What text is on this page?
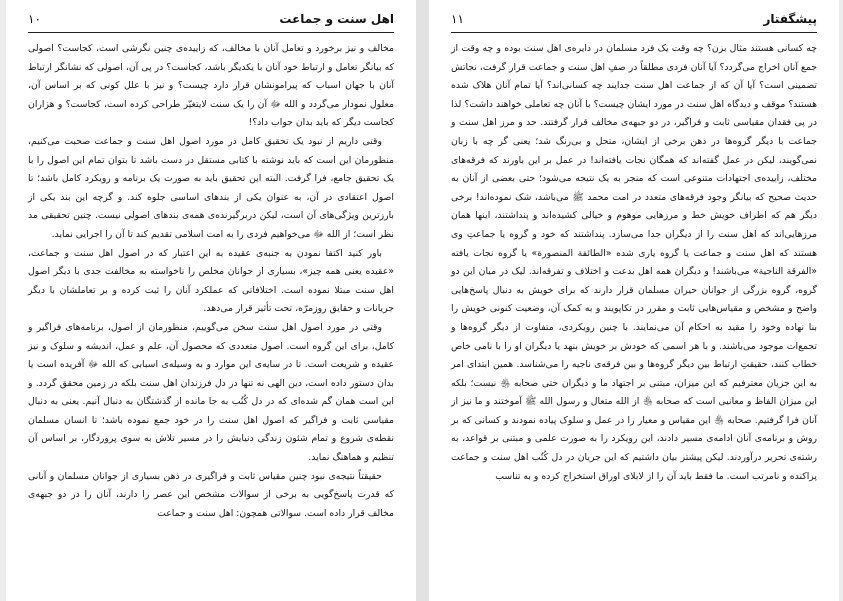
اهل سنت و جماعت
۱۰

مخالف و نیز برخورد و تعامل آنان با مخالف، که زاییده‌ی چنین نگرشی است، کجاست؟ اصولی که بیانگر تعامل و ارتباط خود آنان با یکدیگر باشد، کجاست؟ در پی آن، اصولی که نشانگر ارتباط آنان با جهان اسباب که پیرامونشان قرار دارد چیست؟ و نیز با علل کونی که بر اساس آن، معلول نمودار می‌گردد و الله ﷻ آن را یک سنت لایتغیّر طراحی کرده است، کجاست؟ و هزاران کجاست دیگر که باید بدان جواب داد؟!

وقتی داریم از نبود یک تحقیق کامل در مورد اصول اهل سنت و جماعت صحبت می‌کنیم، منظورمان این است که باید نوشته با کتابی مستقل در دست باشد تا بتوان تمام این اصول را با یک تحقیق جامع، فرا گرفت. البته این تحقیق باید به صورت یک برنامه و رویکرد کامل باشد؛ تا اصول اعتقادی در آن، به عنوان یکی از بندهای اساسی جلوه کند. و گرچه این بند یکی از بارزترین ویژگی‌های آن است، لیکن دربرگیرنده‌ی همه‌ی بندهای اصولی نیست. چنین تحقیقی مد نظر است؛ از الله ﷻ می‌خواهیم فردی را به امت اسلامی تقدیم کند تا آن را اجرایی نماید.

باور کنید اکتفا نمودن به جنبه‌ی عقیده به این اعتبار که در اصول اهل سنت و جماعت، «عقیده یعنی همه چیز»، بسیاری از جوانان مخلص را ناخواسته به مخالفت جدی با دیگر اصول اهل سنت مبتلا نموده است. اختلافاتی که عملکرد آنان را ثبت کرده و بر تعاملشان با دیگر جریانات و حقایق روزمرّه، تحت تأثیر قرار می‌دهد.

وقتی در مورد اصول اهل سنت سخن می‌گوییم، منظورمان از اصول، برنامه‌های فراگیر و کامل، برای این گروه است. اصول متعددی که محصول آن، علم و عمل، اندیشه و سلوک و نیز عقیده و شریعت است. تا در سایه‌ی این موارد و به وسیله‌ی اسبابی که الله ﷻ آفریده است یا بدان دستور داده است، دین الهی نه تنها در دل فرزندان اهل سنت بلکه در زمین محقق گردد. و این است همان گم شده‌ای که در دل کُتُب به جا مانده از گذشتگان به دنبال آنیم. یعنی به دنبال مقیاسی ثابت و فراگیر که اصول اهل سنت را در خود جمع نموده باشد؛ تا انسان مسلمان نقطه‌ی شروع و تمام شئون زندگی دنیایش را در مسیر تلاش به سوی پروردگار، بر اساس آن تنظیم و هماهنگ نماید.

حقیقتاً نتیجه‌ی نبود چنین مقیاس ثابت و فراگیری در ذهن بسیاری از جوانان مسلمان و آنانی که قدرت پاسخ‌گویی به برخی از سوالات مشخص این عصر را دارند، آنان را در دو جبهه‌ی مخالف قرار داده است. سوالاتی همچون: اهل سنت و جماعت

پیشگفتار
۱۱

چه کسانی هستند مثال بزن؟ چه وقت یک فرد مسلمان در دایره‌ی اهل سنت بوده و چه وقت از جمع آنان اخراج می‌گردد؟ آیا آنان فردی مطلقاً در صفِ اهل سنت و جماعت قرار گرفت، نجاتش تضمینی است؟ آیا آن که از جماعت اهل سنت جدایند چه کسانی‌اند؟ آیا تمام آنان هلاک شده هستند؟ موقف و دیدگاه اهل سنت در مورد ایشان چیست؟ با آنان چه تعاملی خواهند داشت؟ لذا در پی فقدان مقیاسی ثابت و فراگیر، در دو جبهه‌ی مخالف قرار گرفتند. حد و مرز اهل سنت و جماعت با دیگر گروه‌ها در ذهن برخی از ایشان، متحل و بی‌رنگ شد؛ یعنی گر چه با زبان نمی‌گویند، لیکن در عمل گفته‌اند که همگان نجات یافته‌اند! در عمل بر این باورند که فرقه‌های مختلف، زاییده‌ی اجتهادات متنوعی است که منجر به یک نتیجه می‌شود؛ حتی بعضی از آنان به حدیث صحیح که بیانگر وجود فرقه‌های متعدد در امت محمد ﷺ می‌باشد، شک نموده‌اند! برخی دیگر هم که اطراف خویش خط و مرزهایی موهوم و خیالی کشیده‌اند و پنداشتند، اینها همان مرزهایی‌اند که اهل سنت را از دیگران جدا می‌سازد. پنداشتند که خود و گروه یا جماعتِ وی هستند که اهل سنت و جماعت یا گروه یاری شده «الطائفة المنصورة» یا گروه نجات یافته «الفرقة الناجیة» می‌باشند! و دیگران همه اهل بدعت و اختلاف و تفرقه‌اند. لیک در میان این دو گروه، گروه بزرگی از جوانان حیران مسلمان قرار دارند که برای خویش به دنبال پاسخ‌هایی واضح و مشخص و مقیاس‌هایی ثابت و مقرر در تکاپویند و به کمک آن، وضعیت کنونی خویش را بنا نهاده وخود را مقید به احکام آن می‌نمایند. با چنین رویکردی، متفاوت از دیگر گروه‌ها و تجمع‌ات موجود می‌باشند. و با هر اسمی که خودش بر خویش بنهد یا دیگران او را با نامی خاص خطاب کنند، حقیقتِ ارتباط بین دیگر گروه‌ها و بین فرقه‌ی ناجیه را می‌شناسد. همین ابتدای امر به این جریان معترفیم که این میزان، مبتنی بر اجتهاد ما و دیگران حتی صحابه ‌﵃ نیست؛ بلکه این میزان الفاظ و معانیی است که صحابه ‌﵃ از الله متعال و رسول الله ﷺ آموختند و ما نیز از آنان فرا گرفتیم. صحابه ‌﵃ این مقیاس و معیار را در عمل و سلوک پیاده نمودند و کسانی که بر روش و برنامه‌ی آنان ادامه‌ی مسیر دادند، این رویکرد را به صورت علمی و مبتنی بر قواعد، به رشته‌ی تحریر درآوردند. لیکن پیشتر بیان داشتیم که این جریان در دل کُتُب اهل سنت و جماعت پراکنده و نامرتب است. ما فقط باید آن را از لابلای اوراق استخراج کرده و به تناسب
